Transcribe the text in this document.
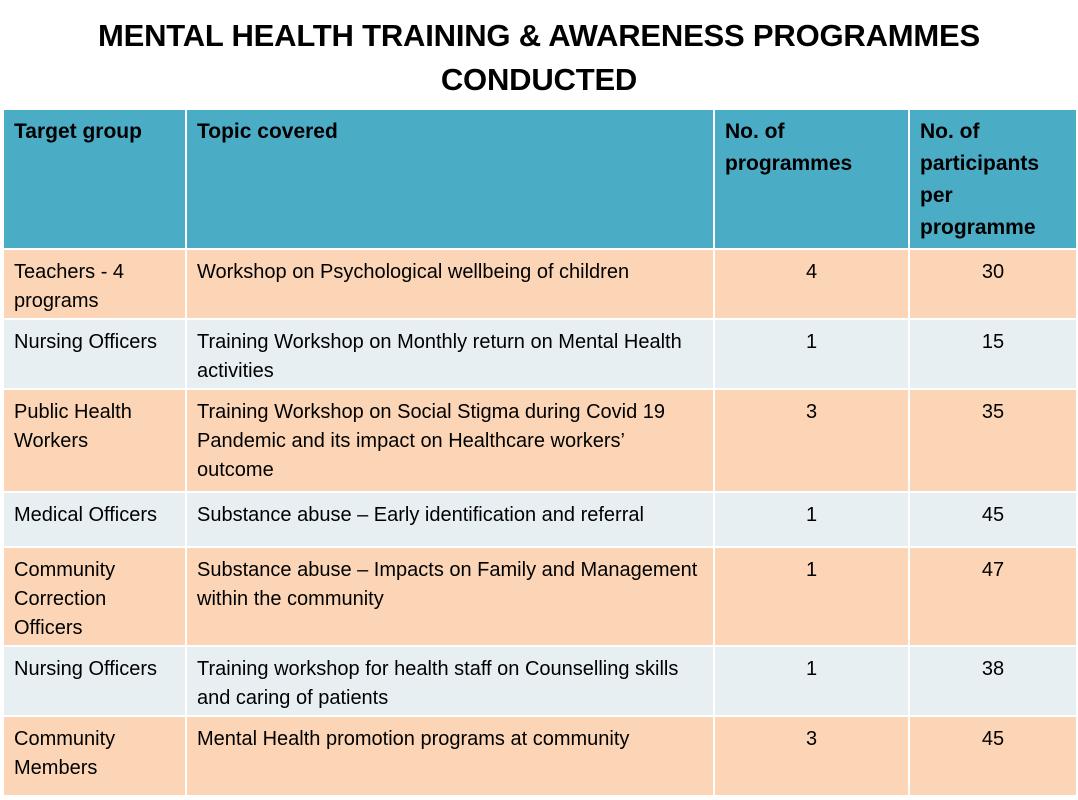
MENTAL HEALTH TRAINING & AWARENESS PROGRAMMES
CONDUCTED
Target group	Topic covered	No. of programmes	No. of participants per programme
Teachers - 4 programs	Workshop on Psychological wellbeing of children	4	30
Nursing Officers	Training Workshop on Monthly return on Mental Health activities	1	15
Public Health Workers	Training Workshop on Social Stigma during Covid 19 Pandemic and its impact on Healthcare workers’ outcome	3	35
Medical Officers	Substance abuse – Early identification and referral	1	45
Community Correction Officers	Substance abuse – Impacts on Family and Management within the community	1	47
Nursing Officers	Training workshop for health staff on Counselling skills and caring of patients	1	38
Community Members	Mental Health promotion programs at community	3	45
